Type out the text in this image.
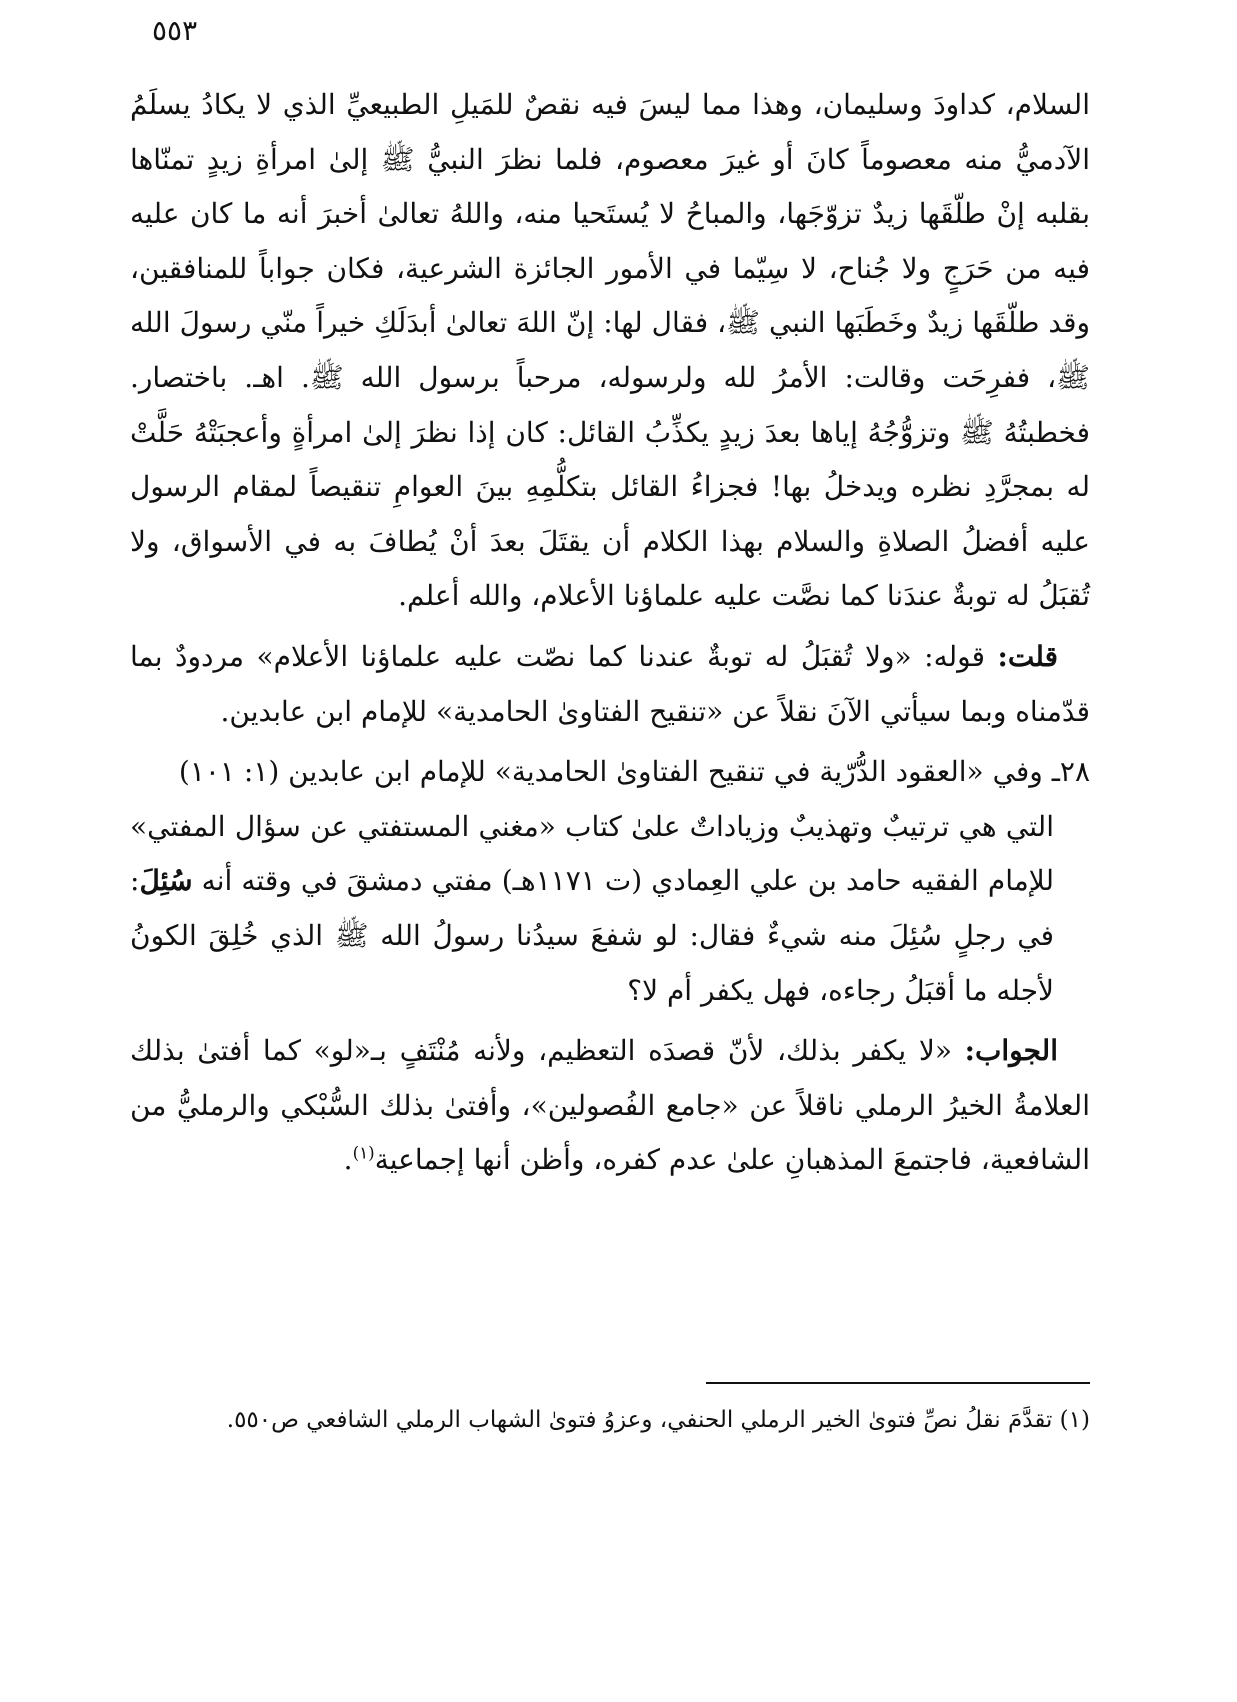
٥٥٣

السلام، كداودَ وسليمان، وهذا مما ليسَ فيه نقصٌ للمَيلِ الطبيعيِّ الذي لا يكادُ يسلَمُ الآدميُّ منه معصوماً كانَ أو غيرَ معصوم، فلما نظرَ النبيُّ ﷺ إلىٰ امرأةِ زيدٍ تمنّاها بقلبه إنْ طلّقَها زيدٌ تزوّجَها، والمباحُ لا يُستَحيا منه، واللهُ تعالىٰ أخبرَ أنه ما كان عليه فيه من حَرَجٍ ولا جُناح، لا سِيّما في الأمور الجائزة الشرعية، فكان جواباً للمنافقين، وقد طلّقَها زيدٌ وخَطَبَها النبي ﷺ، فقال لها: إنّ اللهَ تعالىٰ أبدَلَكِ خيراً منّي رسولَ الله ﷺ، ففرِحَت وقالت: الأمرُ لله ولرسوله، مرحباً برسول الله ﷺ. اهـ. باختصار. فخطبتُهُ ﷺ وتزوُّجُهُ إياها بعدَ زيدٍ يكذِّبُ القائل: كان إذا نظرَ إلىٰ امرأةٍ وأعجبَتْهُ حَلَّتْ له بمجرَّدِ نظره ويدخلُ بها! فجزاءُ القائل بتكلُّمِهِ بينَ العوامِ تنقيصاً لمقام الرسول عليه أفضلُ الصلاةِ والسلام بهذا الكلام أن يقتَلَ بعدَ أنْ يُطافَ به في الأسواق، ولا تُقبَلُ له توبةٌ عندَنا كما نصَّت عليه علماؤنا الأعلام، والله أعلم.

قلت: قوله: «ولا تُقبَلُ له توبةٌ عندنا كما نصّت عليه علماؤنا الأعلام» مردودٌ بما قدّمناه وبما سيأتي الآنَ نقلاً عن «تنقيح الفتاوىٰ الحامدية» للإمام ابن عابدين.

٢٨ـ وفي «العقود الدُّرّية في تنقيح الفتاوىٰ الحامدية» للإمام ابن عابدين (١: ١٠١)
التي هي ترتيبٌ وتهذيبٌ وزياداتٌ علىٰ كتاب «مغني المستفتي عن سؤال المفتي» للإمام الفقيه حامد بن علي العِمادي (ت ١١٧١هـ) مفتي دمشقَ في وقته أنه سُئِلَ: في رجلٍ سُئِلَ منه شيءٌ فقال: لو شفعَ سيدُنا رسولُ الله ﷺ الذي خُلِقَ الكونُ لأجله ما أقبَلُ رجاءه، فهل يكفر أم لا؟

الجواب: «لا يكفر بذلك، لأنّ قصدَه التعظيم، ولأنه مُنْتَفٍ بـ«لو» كما أفتىٰ بذلك العلامةُ الخيرُ الرملي ناقلاً عن «جامع الفُصولين»، وأفتىٰ بذلك السُّبْكي والرمليُّ من الشافعية، فاجتمعَ المذهبانِ علىٰ عدم كفره، وأظن أنها إجماعية$^{(١)}$.

(١) تقدَّمَ نقلُ نصِّ فتوىٰ الخير الرملي الحنفي، وعزوُ فتوىٰ الشهاب الرملي الشافعي ص٥٥٠.
